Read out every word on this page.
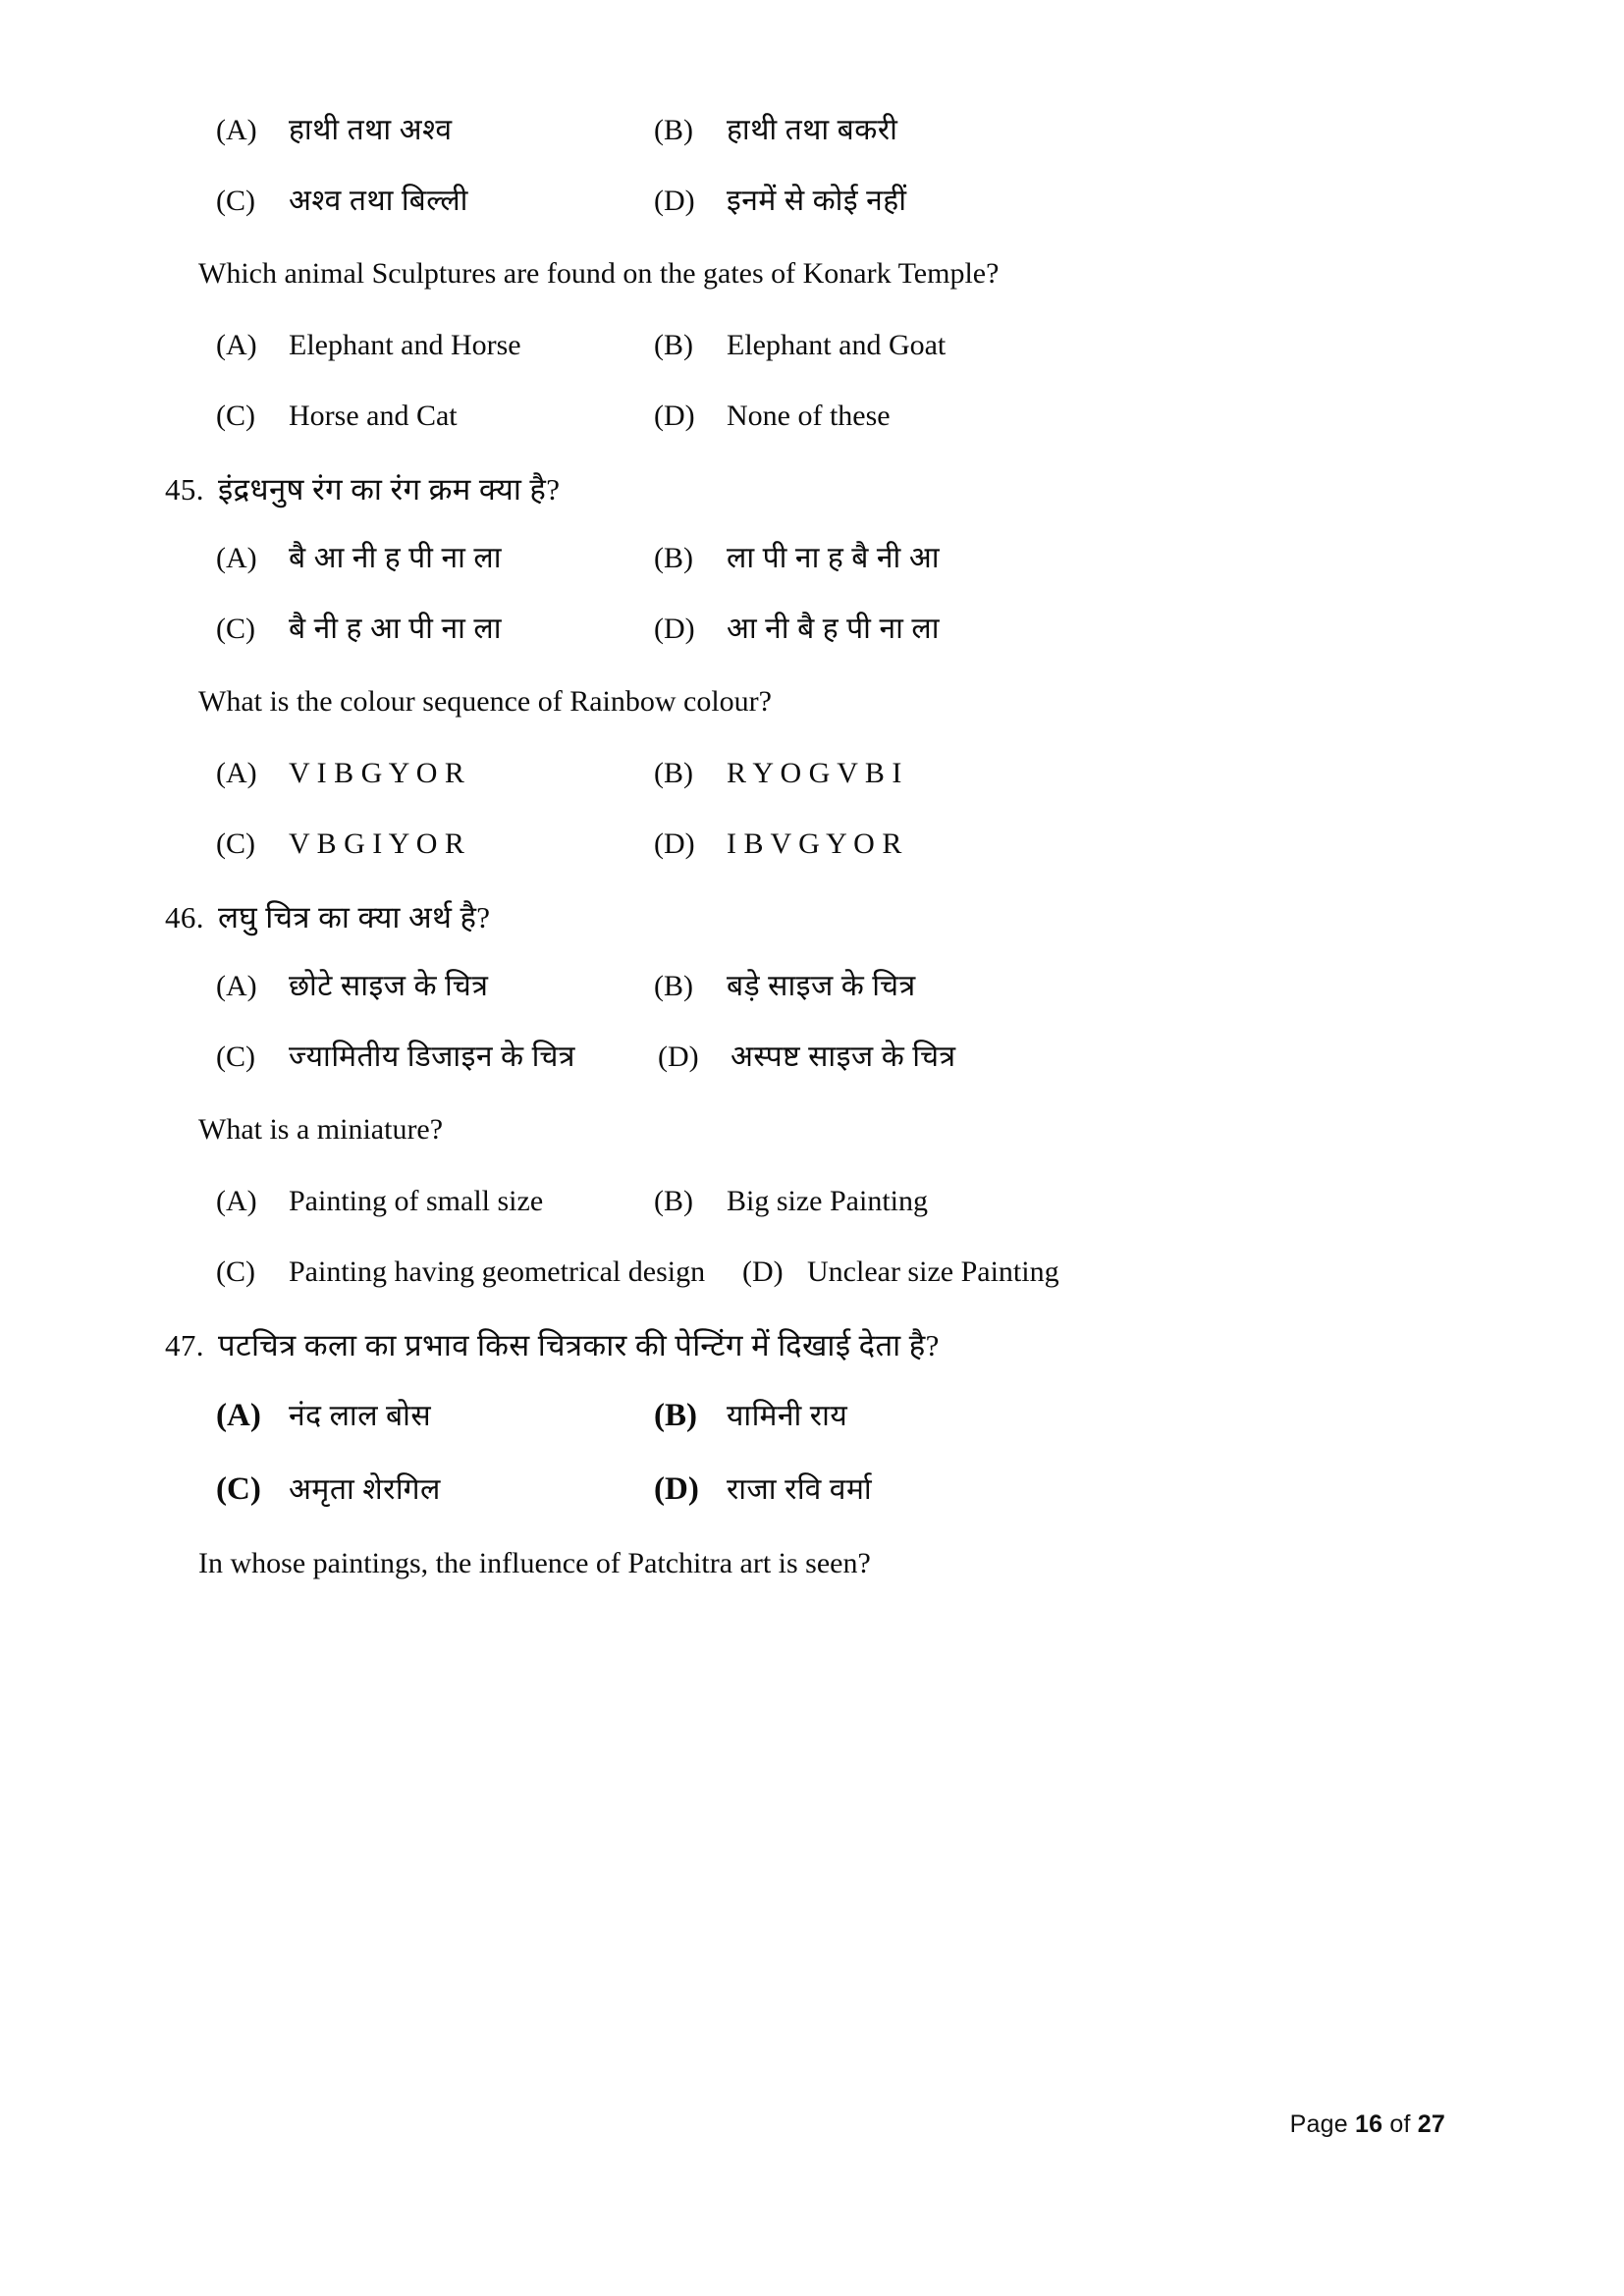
(A)	हाथी तथा अश्व	(B)	हाथी तथा बकरी
(C)	अश्व तथा बिल्ली	(D)	इनमें से कोई नहीं
Which animal Sculptures are found on the gates of Konark Temple?
(A)	Elephant and Horse	(B)	Elephant and Goat
(C)	Horse and Cat	(D)	None of these
45. इंद्रधनुष रंग का रंग क्रम क्या है?
(A)	बै आ नी ह पी ना ला	(B)	ला पी ना ह बै नी आ
(C)	बै नी ह आ पी ना ला	(D)	आ नी बै ह पी ना ला
What is the colour sequence of Rainbow colour?
(A)	V I B G Y O R	(B)	R Y O G V B I
(C)	V B G I Y O R	(D)	I B V G Y O R
46. लघु चित्र का क्या अर्थ है?
(A)	छोटे साइज के चित्र	(B)	बड़े साइज के चित्र
(C)	ज्यामितीय डिजाइन के चित्र	(D)	अस्पष्ट साइज के चित्र
What is a miniature?
(A)	Painting of small size	(B)	Big size Painting
(C)	Painting having geometrical design (D) Unclear size Painting
47. पटचित्र कला का प्रभाव किस चित्रकार की पेन्टिंग में दिखाई देता है?
(A) नंद लाल बोस	(B)	यामिनी राय
(C) अमृता शेरगिल	(D) राजा रवि वर्मा
In whose paintings, the influence of Patchitra art is seen?
Page 16 of 27
